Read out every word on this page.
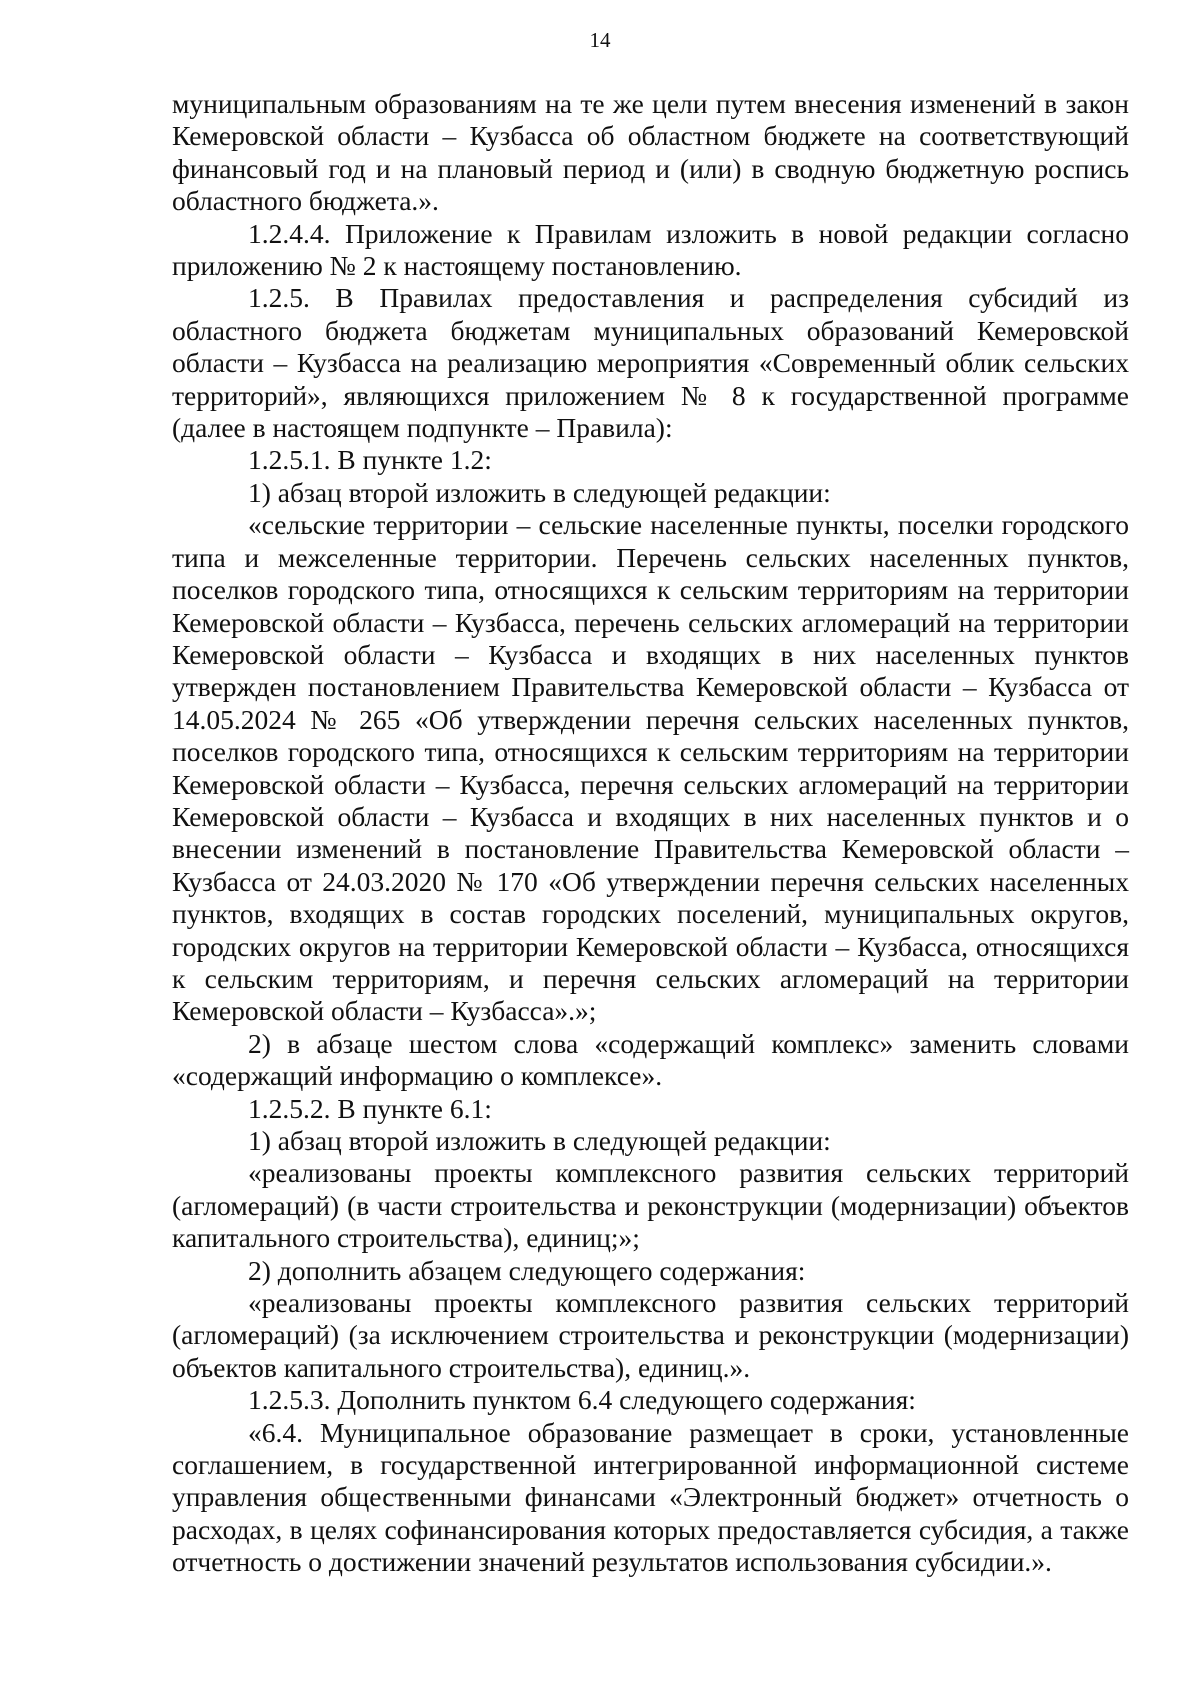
14

муниципальным образованиям на те же цели путем внесения изменений в закон Кемеровской области – Кузбасса об областном бюджете на соответствующий финансовый год и на плановый период и (или) в сводную бюджетную роспись областного бюджета.».

1.2.4.4. Приложение к Правилам изложить в новой редакции согласно приложению № 2 к настоящему постановлению.

1.2.5. В Правилах предоставления и распределения субсидий из областного бюджета бюджетам муниципальных образований Кемеровской области – Кузбасса на реализацию мероприятия «Современный облик сельских территорий», являющихся приложением № 8 к государственной программе (далее в настоящем подпункте – Правила):

1.2.5.1. В пункте 1.2:

1) абзац второй изложить в следующей редакции:

«сельские территории – сельские населенные пункты, поселки городского типа и межселенные территории. Перечень сельских населенных пунктов, поселков городского типа, относящихся к сельским территориям на территории Кемеровской области – Кузбасса, перечень сельских агломераций на территории Кемеровской области – Кузбасса и входящих в них населенных пунктов утвержден постановлением Правительства Кемеровской области – Кузбасса от 14.05.2024 № 265 «Об утверждении перечня сельских населенных пунктов, поселков городского типа, относящихся к сельским территориям на территории Кемеровской области – Кузбасса, перечня сельских агломераций на территории Кемеровской области – Кузбасса и входящих в них населенных пунктов и о внесении изменений в постановление Правительства Кемеровской области – Кузбасса от 24.03.2020 № 170 «Об утверждении перечня сельских населенных пунктов, входящих в состав городских поселений, муниципальных округов, городских округов на территории Кемеровской области – Кузбасса, относящихся к сельским территориям, и перечня сельских агломераций на территории Кемеровской области – Кузбасса».»;

2) в абзаце шестом слова «содержащий комплекс» заменить словами «содержащий информацию о комплексе».

1.2.5.2. В пункте 6.1:

1) абзац второй изложить в следующей редакции:

«реализованы проекты комплексного развития сельских территорий (агломераций) (в части строительства и реконструкции (модернизации) объектов капитального строительства), единиц;»;

2) дополнить абзацем следующего содержания:

«реализованы проекты комплексного развития сельских территорий (агломераций) (за исключением строительства и реконструкции (модернизации) объектов капитального строительства), единиц.».

1.2.5.3. Дополнить пунктом 6.4 следующего содержания:

«6.4. Муниципальное образование размещает в сроки, установленные соглашением, в государственной интегрированной информационной системе управления общественными финансами «Электронный бюджет» отчетность о расходах, в целях софинансирования которых предоставляется субсидия, а также отчетность о достижении значений результатов использования субсидии.».
